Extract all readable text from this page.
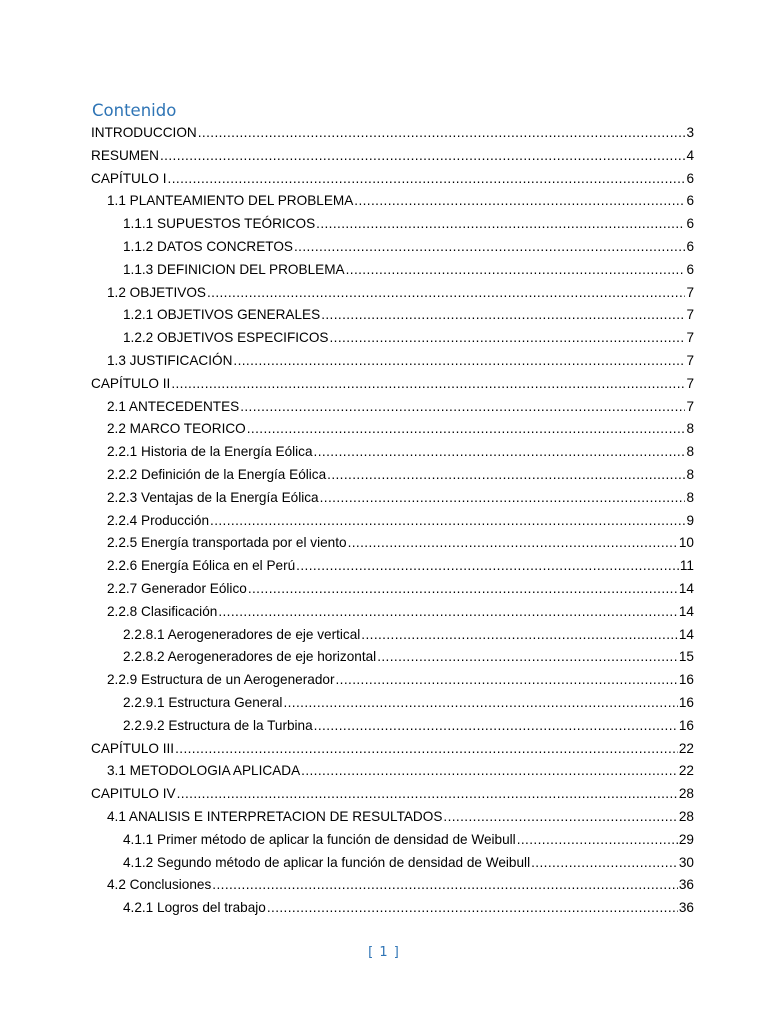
Contenido
INTRODUCCION .....	3
RESUMEN .....	4
CAPÍTULO I .....	6
1.1 PLANTEAMIENTO DEL PROBLEMA .....	6
1.1.1 SUPUESTOS TEÓRICOS .....	6
1.1.2 DATOS CONCRETOS .....	6
1.1.3 DEFINICION DEL PROBLEMA .....	6
1.2 OBJETIVOS .....	7
1.2.1 OBJETIVOS GENERALES .....	7
1.2.2 OBJETIVOS ESPECIFICOS .....	7
1.3 JUSTIFICACIÓN .....	7
CAPÍTULO II .....	7
2.1 ANTECEDENTES .....	7
2.2 MARCO TEORICO .....	8
2.2.1 Historia de la Energía Eólica .....	8
2.2.2 Definición de la Energía Eólica .....	8
2.2.3 Ventajas de la Energía Eólica .....	8
2.2.4 Producción .....	9
2.2.5 Energía transportada por el viento .....	10
2.2.6 Energía Eólica en el Perú .....	11
2.2.7 Generador Eólico .....	14
2.2.8 Clasificación .....	14
2.2.8.1 Aerogeneradores de eje vertical .....	14
2.2.8.2 Aerogeneradores de eje horizontal .....	15
2.2.9 Estructura de un Aerogenerador .....	16
2.2.9.1 Estructura General .....	16
2.2.9.2 Estructura de la Turbina .....	16
CAPÍTULO III .....	22
3.1 METODOLOGIA APLICADA .....	22
CAPITULO IV .....	28
4.1 ANALISIS E INTERPRETACION DE RESULTADOS .....	28
4.1.1 Primer método de aplicar la función de densidad de Weibull .....	29
4.1.2 Segundo método de aplicar la función de densidad de Weibull .....	30
4.2 Conclusiones .....	36
4.2.1 Logros del trabajo .....	36
[ 1 ]
